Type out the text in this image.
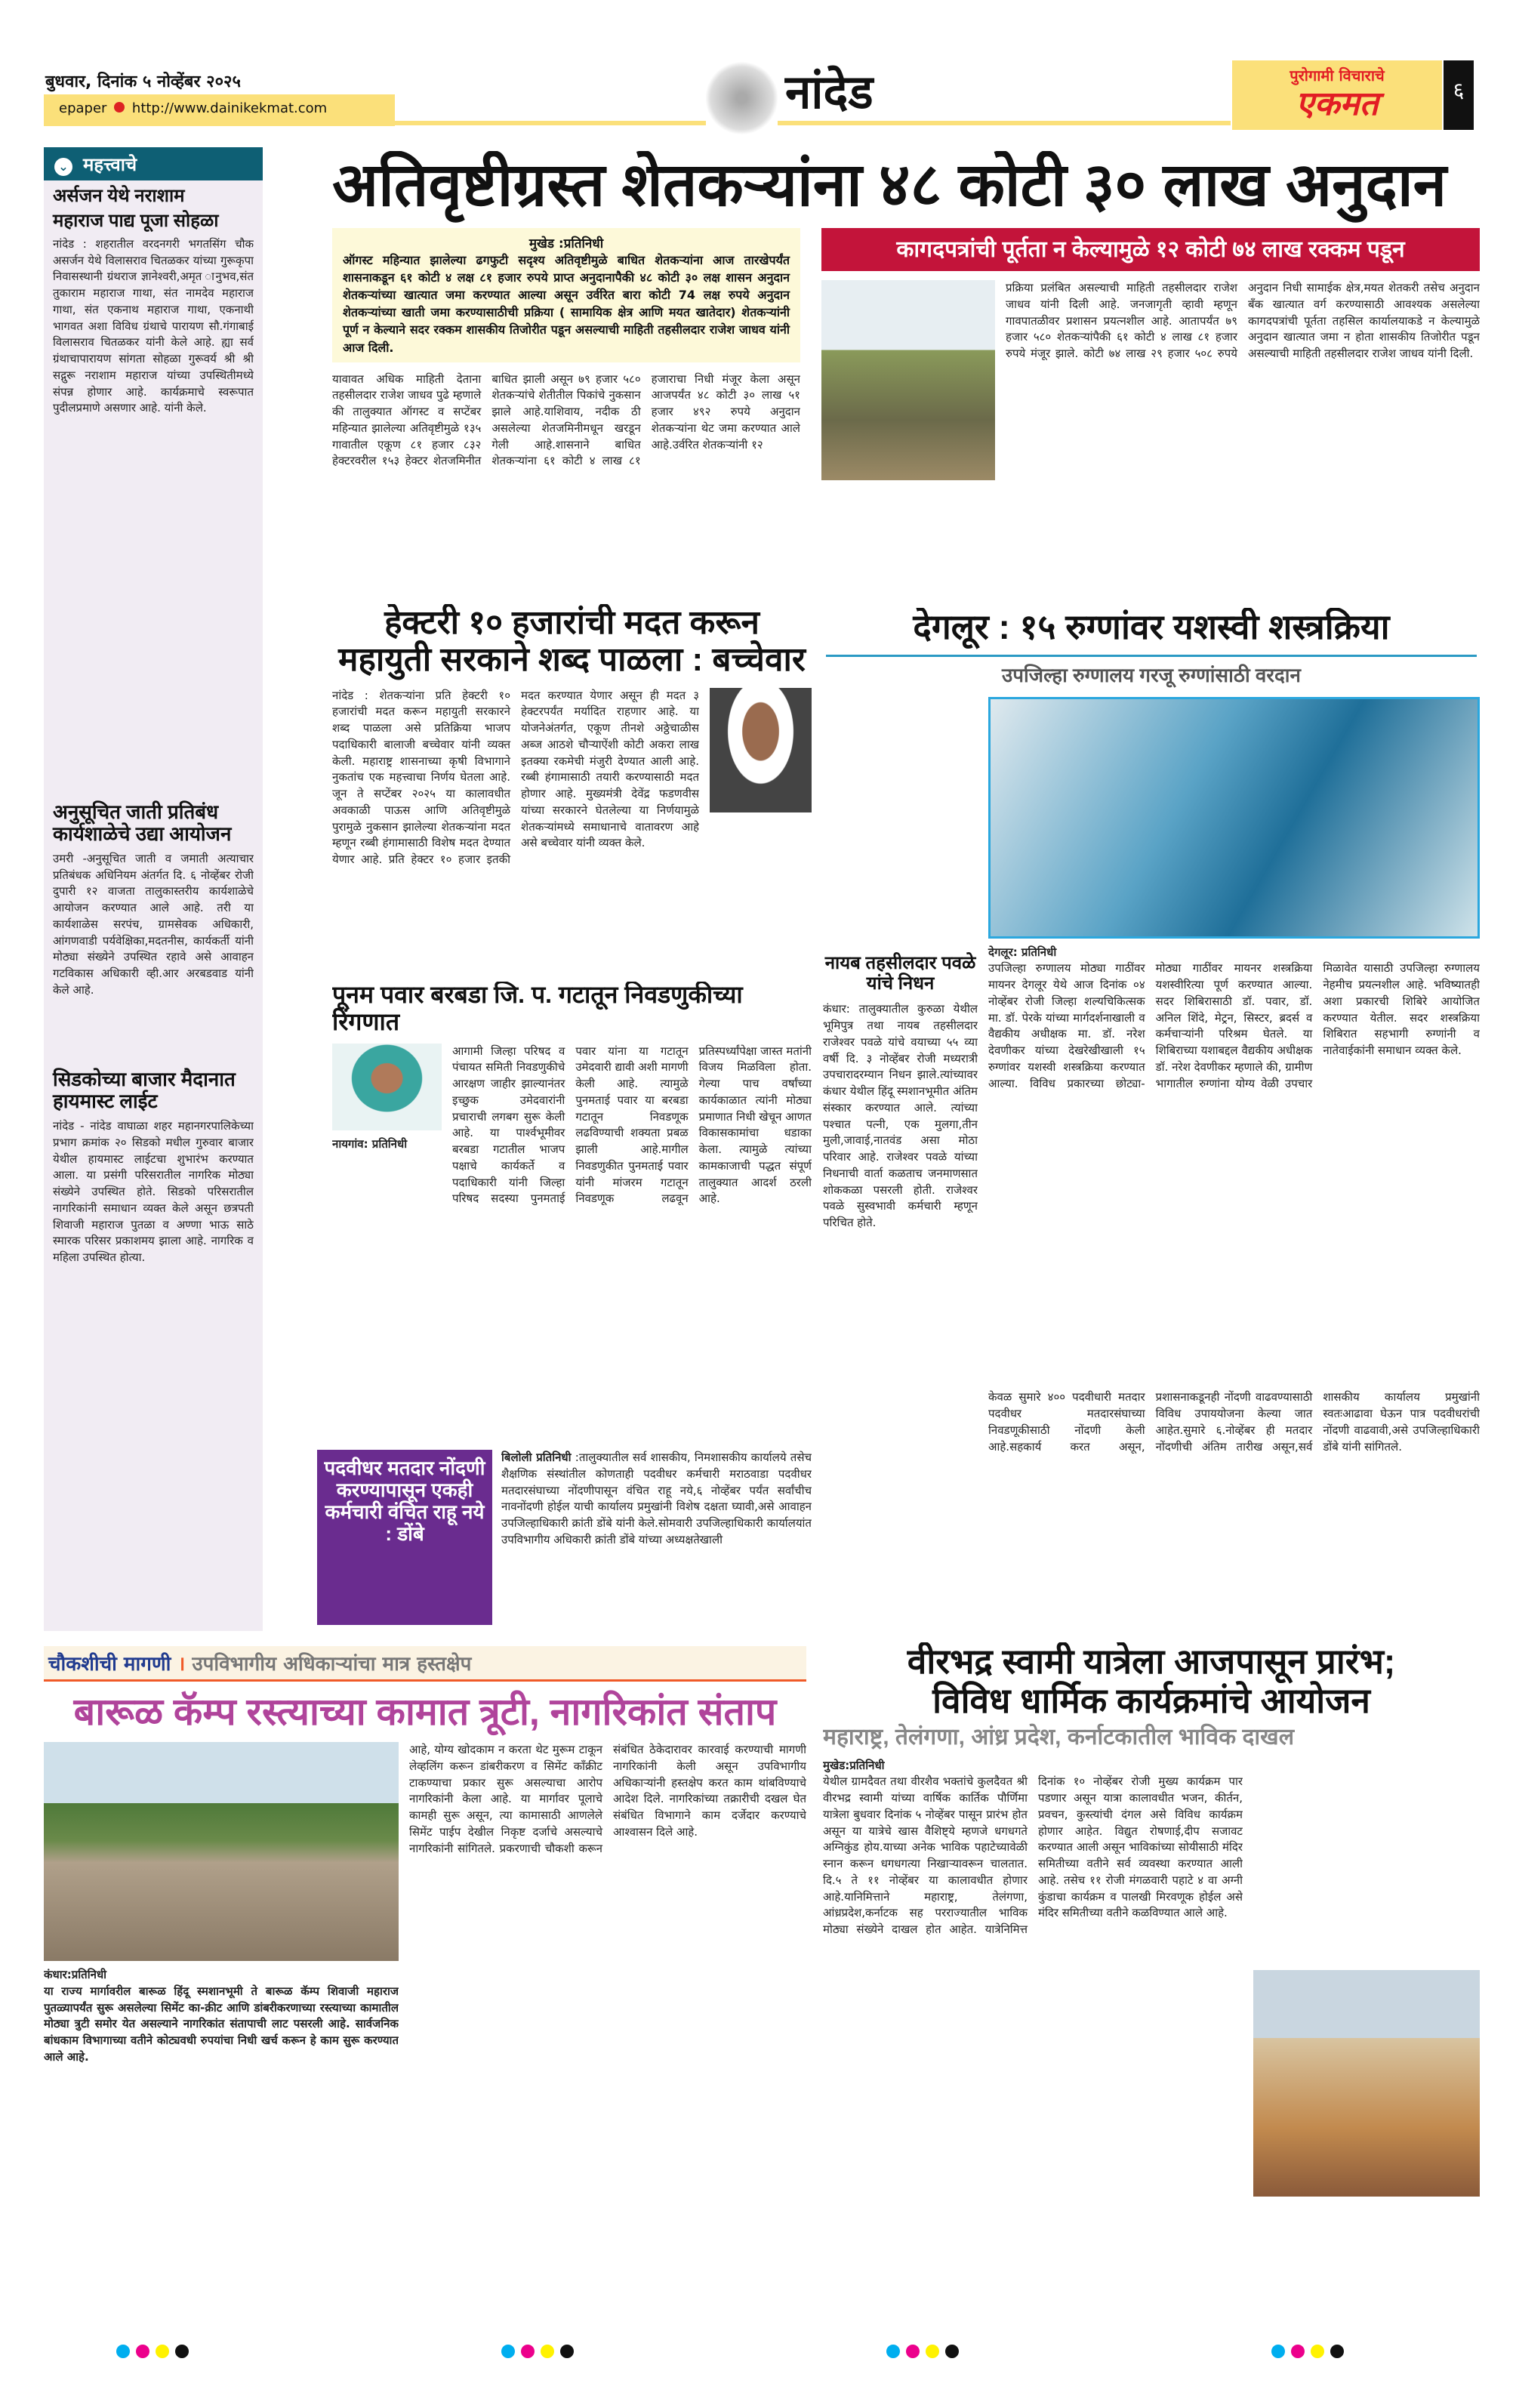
बुधवार, दिनांक ५ नोव्हेंबर २०२५
epaper http://www.dainikekmat.com	नांदेड	पुरोगामी विचाराचे
एकमत	६
⌄ महत्त्वाचे
अर्सजन येथे नराशाम
महाराज पाद्य पूजा सोहळा
नांदेड : शहरातील वरदनगरी भगतसिंग चौक असर्जन येथे विलासराव चितळकर यांच्या गुरूकृपा निवासस्थानी ग्रंथराज ज्ञानेश्वरी,अमृत ानुभव,संत तुकाराम महाराज गाथा, संत नामदेव महाराज गाथा, संत एकनाथ महाराज गाथा, एकनाथी भागवत अशा विविध ग्रंथाचे पारायण सौ.गंगाबाई विलासराव चितळकर यांनी केले आहे. ह्या सर्व ग्रंथाचापारायण सांगता सोहळा गुरूवर्य श्री श्री सद्गुरू नराशाम महाराज यांच्या उपस्थितीमध्ये संपन्न होणार आहे. कार्यक्रमाचे स्वरूपात पुदीलप्रमाणे असणार आहे. यांनी केले.
अनुसूचित जाती प्रतिबंध कार्यशाळेचे उद्या आयोजन
उमरी -अनुसूचित जाती व जमाती अत्याचार प्रतिबंधक अधिनियम अंतर्गत दि. ६ नोव्हेंबर रोजी दुपारी १२ वाजता तालुकास्तरीय कार्यशाळेचे आयोजन करण्यात आले आहे. तरी या कार्यशाळेस सरपंच, ग्रामसेवक अधिकारी, आंगणवाडी पर्यवेक्षिका,मदतनीस, कार्यकर्ती यांनी मोठ्या संख्येने उपस्थित रहावे असे आवाहन गटविकास अधिकारी व्ही.आर अरबडवाड यांनी केले आहे.
सिडकोच्या बाजार मैदानात हायमास्ट लाईट
नांदेड - नांदेड वाघाळा शहर महानगरपालिकेच्या प्रभाग क्रमांक २० सिडको मधील गुरुवार बाजार येथील हायमास्ट लाईटचा शुभारंभ करण्यात आला. या प्रसंगी परिसरातील नागरिक मोठ्या संख्येने उपस्थित होते. सिडको परिसरातील नागरिकांनी समाधान व्यक्त केले असून छत्रपती शिवाजी महाराज पुतळा व अण्णा भाऊ साठे स्मारक परिसर प्रकाशमय झाला आहे. नागरिक व महिला उपस्थित होत्या.
अतिवृष्टीग्रस्त शेतकऱ्यांना ४८ कोटी ३० लाख अनुदान
मुखेड :प्रतिनिधी
ऑगस्ट महिन्यात झालेल्या ढगफुटी सदृश्य अतिवृष्टीमुळे बाधित शेतकऱ्यांना आज तारखेपर्यंत शासनाकडून ६१ कोटी ४ लक्ष ८१ हजार रुपये प्राप्त अनुदानापैकी ४८ कोटी ३० लक्ष शासन अनुदान शेतकऱ्यांच्या खात्यात जमा करण्यात आल्या असून उर्वरित बारा कोटी 74 लक्ष रुपये अनुदान शेतकऱ्यांच्या खाती जमा करण्यासाठीची प्रक्रिया ( सामायिक क्षेत्र आणि मयत खातेदार) शेतकऱ्यांनी पूर्ण न केल्याने सदर रक्कम शासकीय तिजोरीत पडून असल्याची माहिती तहसीलदार राजेश जाधव यांनी आज दिली.
यावावत अधिक माहिती देताना तहसीलदार राजेश जाधव पुढे म्हणाले की तालुक्यात ऑगस्ट व सप्टेंबर महिन्यात झालेल्या अतिवृष्टीमुळे १३५ गावातील एकूण ८१ हजार ८३२ हेक्टरवरील १५३ हेक्टर शेतजमिनीत बाधित झाली असून ७९ हजार ५८० शेतकऱ्यांचे शेतीतील पिकांचे नुकसान झाले आहे.याशिवाय, नदीक ठी असलेल्या शेतजमिनीमधून खरडून गेली आहे.शासनाने बाधित शेतकऱ्यांना ६१ कोटी ४ लाख ८१ हजाराचा निधी मंजूर केला असून आजपर्यंत ४८ कोटी ३० लाख ५१ हजार ४९२ रुपये अनुदान शेतकऱ्यांना थेट जमा करण्यात आले आहे.उर्वरित शेतकऱ्यांनी १२
कागदपत्रांची पूर्तता न केल्यामुळे १२ कोटी ७४ लाख रक्कम पडून
प्रक्रिया प्रलंबित असल्याची माहिती तहसीलदार राजेश जाधव यांनी दिली आहे. जनजागृती व्हावी म्हणून गावपातळीवर प्रशासन प्रयत्नशील आहे. आतापर्यंत ७९ हजार ५८० शेतकऱ्यांपैकी ६१ कोटी ४ लाख ८१ हजार रुपये मंजूर झाले. कोटी ७४ लाख २९ हजार ५०८ रुपये अनुदान निधी सामाईक क्षेत्र,मयत शेतकरी तसेच अनुदान बँक खात्यात वर्ग करण्यासाठी आवश्यक असलेल्या कागदपत्रांची पूर्तता तहसिल कार्यालयाकडे न केल्यामुळे अनुदान खात्यात जमा न होता शासकीय तिजोरीत पडून असल्याची माहिती तहसीलदार राजेश जाधव यांनी दिली.
हेक्टरी १० हजारांची मदत करून
महायुती सरकाने शब्द पाळला : बच्चेवार
नांदेड : शेतकऱ्यांना प्रति हेक्टरी १० हजारांची मदत करून महायुती सरकारने शब्द पाळला असे प्रतिक्रिया भाजप पदाधिकारी बालाजी बच्चेवार यांनी व्यक्त केली. महाराष्ट्र शासनाच्या कृषी विभागाने नुकतांच एक महत्त्वाचा निर्णय घेतला आहे. जून ते सप्टेंबर २०२५ या कालावधीत अवकाळी पाऊस आणि अतिवृष्टीमुळे पुरामुळे नुकसान झालेल्या शेतकऱ्यांना मदत म्हणून रब्बी हंगामासाठी विशेष मदत देण्यात येणार आहे. प्रति हेक्टर १० हजार इतकी मदत करण्यात येणार असून ही मदत ३ हेक्टरपर्यंत मर्यादित राहणार आहे. या योजनेअंतर्गत, एकूण तीनशे अठ्ठेचाळीस अब्ज आठशे चौऱ्याऐंशी कोटी अकरा लाख इतक्या रकमेची मंजुरी देण्यात आली आहे. रब्बी हंगामासाठी तयारी करण्यासाठी मदत होणार आहे. मुख्यमंत्री देवेंद्र फडणवीस यांच्या सरकारने घेतलेल्या या निर्णयामुळे शेतकऱ्यांमध्ये समाधानाचे वातावरण आहे असे बच्चेवार यांनी व्यक्त केले.
देगलूर : १५ रुग्णांवर यशस्वी शस्त्रक्रिया
उपजिल्हा रुग्णालय गरजू रुग्णांसाठी वरदान
नायब तहसीलदार पवळे यांचे निधन
कंधार: तालुक्यातील कुरुळा येथील भूमिपुत्र तथा नायब तहसीलदार राजेश्वर पवळे यांचे वयाच्या ५५ व्या वर्षी दि. ३ नोव्हेंबर रोजी मध्यरात्री उपचारादरम्यान निधन झाले.त्यांच्यावर कंधार येथील हिंदू स्मशानभूमीत अंतिम संस्कार करण्यात आले. त्यांच्या पश्चात पत्नी, एक मुलगा,तीन मुली,जावाई,नातवंड असा मोठा परिवार आहे. राजेश्वर पवळे यांच्या निधनाची वार्ता कळताच जनमाणसात शोककळा पसरली होती. राजेश्वर पवळे सुस्वभावी कर्मचारी म्हणून परिचित होते.
देगलूर: प्रतिनिधी
उपजिल्हा रुग्णालय मोठ्या गाठींवर मायनर देगलूर येथे आज दिनांक ०४ नोव्हेंबर रोजी जिल्हा शल्यचिकित्सक मा. डॉ. पेरके यांच्या मार्गदर्शनाखाली व वैद्यकीय अधीक्षक मा. डॉ. नरेश देवणीकर यांच्या देखरेखीखाली १५ रुग्णांवर यशस्वी शस्त्रक्रिया करण्यात आल्या. विविध प्रकारच्या छोट्या-मोठ्या गाठींवर मायनर शस्त्रक्रिया यशस्वीरित्या पूर्ण करण्यात आल्या. सदर शिबिरासाठी डॉ. पवार, डॉ. अनिल शिंदे, मेट्रन, सिस्टर, ब्रदर्स व कर्मचाऱ्यांनी परिश्रम घेतले. या शिबिराच्या यशाबद्दल वैद्यकीय अधीक्षक डॉ. नरेश देवणीकर म्हणाले की, ग्रामीण भागातील रुग्णांना योग्य वेळी उपचार मिळावेत यासाठी उपजिल्हा रुग्णालय नेहमीच प्रयत्नशील आहे. भविष्यातही अशा प्रकारची शिबिरे आयोजित करण्यात येतील. सदर शस्त्रक्रिया शिबिरात सहभागी रुग्णांनी व नातेवाईकांनी समाधान व्यक्त केले.
केवळ सुमारे ४०० पदवीधारी मतदार पदवीधर मतदारसंघाच्या निवडणूकीसाठी नोंदणी केली आहे.सहकार्य करत असून, प्रशासनाकडूनही नोंदणी वाढवण्यासाठी विविध उपाययोजना केल्या जात आहेत.सुमारे ६.नोव्हेंबर ही मतदार नोंदणीची अंतिम तारीख असून,सर्व शासकीय कार्यालय प्रमुखांनी स्वतःआढावा घेऊन पात्र पदवीधरांची नोंदणी वाढवावी,असे उपजिल्हाधिकारी डोंबे यांनी सांगितले.
पूनम पवार बरबडा जि. प. गटातून निवडणुकीच्या रिंगणात
नायगांव: प्रतिनिधी
आगामी जिल्हा परिषद व पंचायत समिती निवडणुकीचे आरक्षण जाहीर झाल्यानंतर इच्छुक उमेदवारांनी प्रचाराची लगबग सुरू केली आहे. या पार्श्वभूमीवर बरबडा गटातील भाजप पक्षाचे कार्यकर्ते व पदाधिकारी यांनी जिल्हा परिषद सदस्या पुनमताई पवार यांना या गटातून उमेदवारी द्यावी अशी मागणी केली आहे. त्यामुळे पुनमताई पवार या बरबडा गटातून निवडणूक लढविण्याची शक्यता प्रबळ झाली आहे.मागील निवडणुकीत पुनमताई पवार यांनी मांजरम गटातून निवडणूक लढवून प्रतिस्पर्ध्यांपेक्षा जास्त मतांनी विजय मिळविला होता. गेल्या पाच वर्षांच्या कार्यकाळात त्यांनी मोठ्या प्रमाणात निधी खेचून आणत विकासकामांचा धडाका केला. त्यामुळे त्यांच्या कामकाजाची पद्धत संपूर्ण तालुक्यात आदर्श ठरली आहे.
पदवीधर मतदार नोंदणी करण्यापासून एकही कर्मचारी वंचित राहू नये : डोंबे
बिलोली प्रतिनिधी :तालुक्यातील सर्व शासकीय, निमशासकीय कार्यालये तसेच शैक्षणिक संस्थांतील कोणताही पदवीधर कर्मचारी मराठवाडा पदवीधर मतदारसंघाच्या नोंदणीपासून वंचित राहू नये,६ नोव्हेंबर पर्यंत सर्वांचीच नावनोंदणी होईल याची कार्यालय प्रमुखांनी विशेष दक्षता घ्यावी,असे आवाहन उपजिल्हाधिकारी क्रांती डोंबे यांनी केले.सोमवारी उपजिल्हाधिकारी कार्यालयांत उपविभागीय अधिकारी क्रांती डोंबे यांच्या अध्यक्षतेखाली
चौकशीची मागणी । उपविभागीय अधिकाऱ्यांचा मात्र हस्तक्षेप
बारूळ कॅम्प रस्त्याच्या कामात त्रूटी, नागरिकांत संताप
कंधार:प्रतिनिधी
या राज्य मार्गावरील बारूळ हिंदू स्मशानभूमी ते बारूळ कॅम्प शिवाजी महाराज पुतळ्यापर्यंत सुरू असलेल्या सिमेंट का-क्रीट आणि डांबरीकरणाच्या रस्त्याच्या कामातील मोठ्या त्रुटी समोर येत असल्याने नागरिकांत संतापाची लाट पसरली आहे. सार्वजनिक बांधकाम विभागाच्या वतीने कोट्यवधी रुपयांचा निधी खर्च करून हे काम सुरू करण्यात आले आहे.
आहे, योग्य खोदकाम न करता थेट मुरूम टाकून लेव्हलिंग करून डांबरीकरण व सिमेंट काँक्रीट टाकण्याचा प्रकार सुरू असल्याचा आरोप नागरिकांनी केला आहे. या मार्गावर पूलाचे कामही सुरू असून, त्या कामासाठी आणलेले सिमेंट पाईप देखील निकृष्ट दर्जाचे असल्याचे नागरिकांनी सांगितले. प्रकरणाची चौकशी करून संबंधित ठेकेदारावर कारवाई करण्याची मागणी नागरिकांनी केली असून उपविभागीय अधिकाऱ्यांनी हस्तक्षेप करत काम थांबविण्याचे आदेश दिले. नागरिकांच्या तक्रारीची दखल घेत संबंधित विभागाने काम दर्जेदार करण्याचे आश्वासन दिले आहे.
वीरभद्र स्वामी यात्रेला आजपासून प्रारंभ;
विविध धार्मिक कार्यक्रमांचे आयोजन
महाराष्ट्र, तेलंगणा, आंध्र प्रदेश, कर्नाटकातील भाविक दाखल
मुखेड:प्रतिनिधी
येथील ग्रामदैवत तथा वीरशैव भक्तांचे कुलदैवत श्री वीरभद्र स्वामी यांच्या वार्षिक कार्तिक पौर्णिमा यात्रेला बुधवार दिनांक ५ नोव्हेंबर पासून प्रारंभ होत असून या यात्रेचे खास वैशिष्ट्ये म्हणजे धगधगते अग्निकुंड होय.याच्या अनेक भाविक पहाटेच्यावेळी स्नान करून धगधगत्या निखाऱ्यावरून चालतात. दि.५ ते ११ नोव्हेंबर या कालावधीत होणार आहे.यानिमित्ताने महाराष्ट्र, तेलंगणा, आंध्रप्रदेश,कर्नाटक सह परराज्यातील भाविक मोठ्या संख्येने दाखल होत आहेत. यात्रेनिमित्त दिनांक १० नोव्हेंबर रोजी मुख्य कार्यक्रम पार पडणार असून यात्रा कालावधीत भजन, कीर्तन, प्रवचन, कुस्त्यांची दंगल असे विविध कार्यक्रम होणार आहेत. विद्युत रोषणाई,दीप सजावट करण्यात आली असून भाविकांच्या सोयीसाठी मंदिर समितीच्या वतीने सर्व व्यवस्था करण्यात आली आहे. तसेच ११ रोजी मंगळवारी पहाटे ४ वा अग्नी कुंडाचा कार्यक्रम व पालखी मिरवणूक होईल असे मंदिर समितीच्या वतीने कळविण्यात आले आहे.
